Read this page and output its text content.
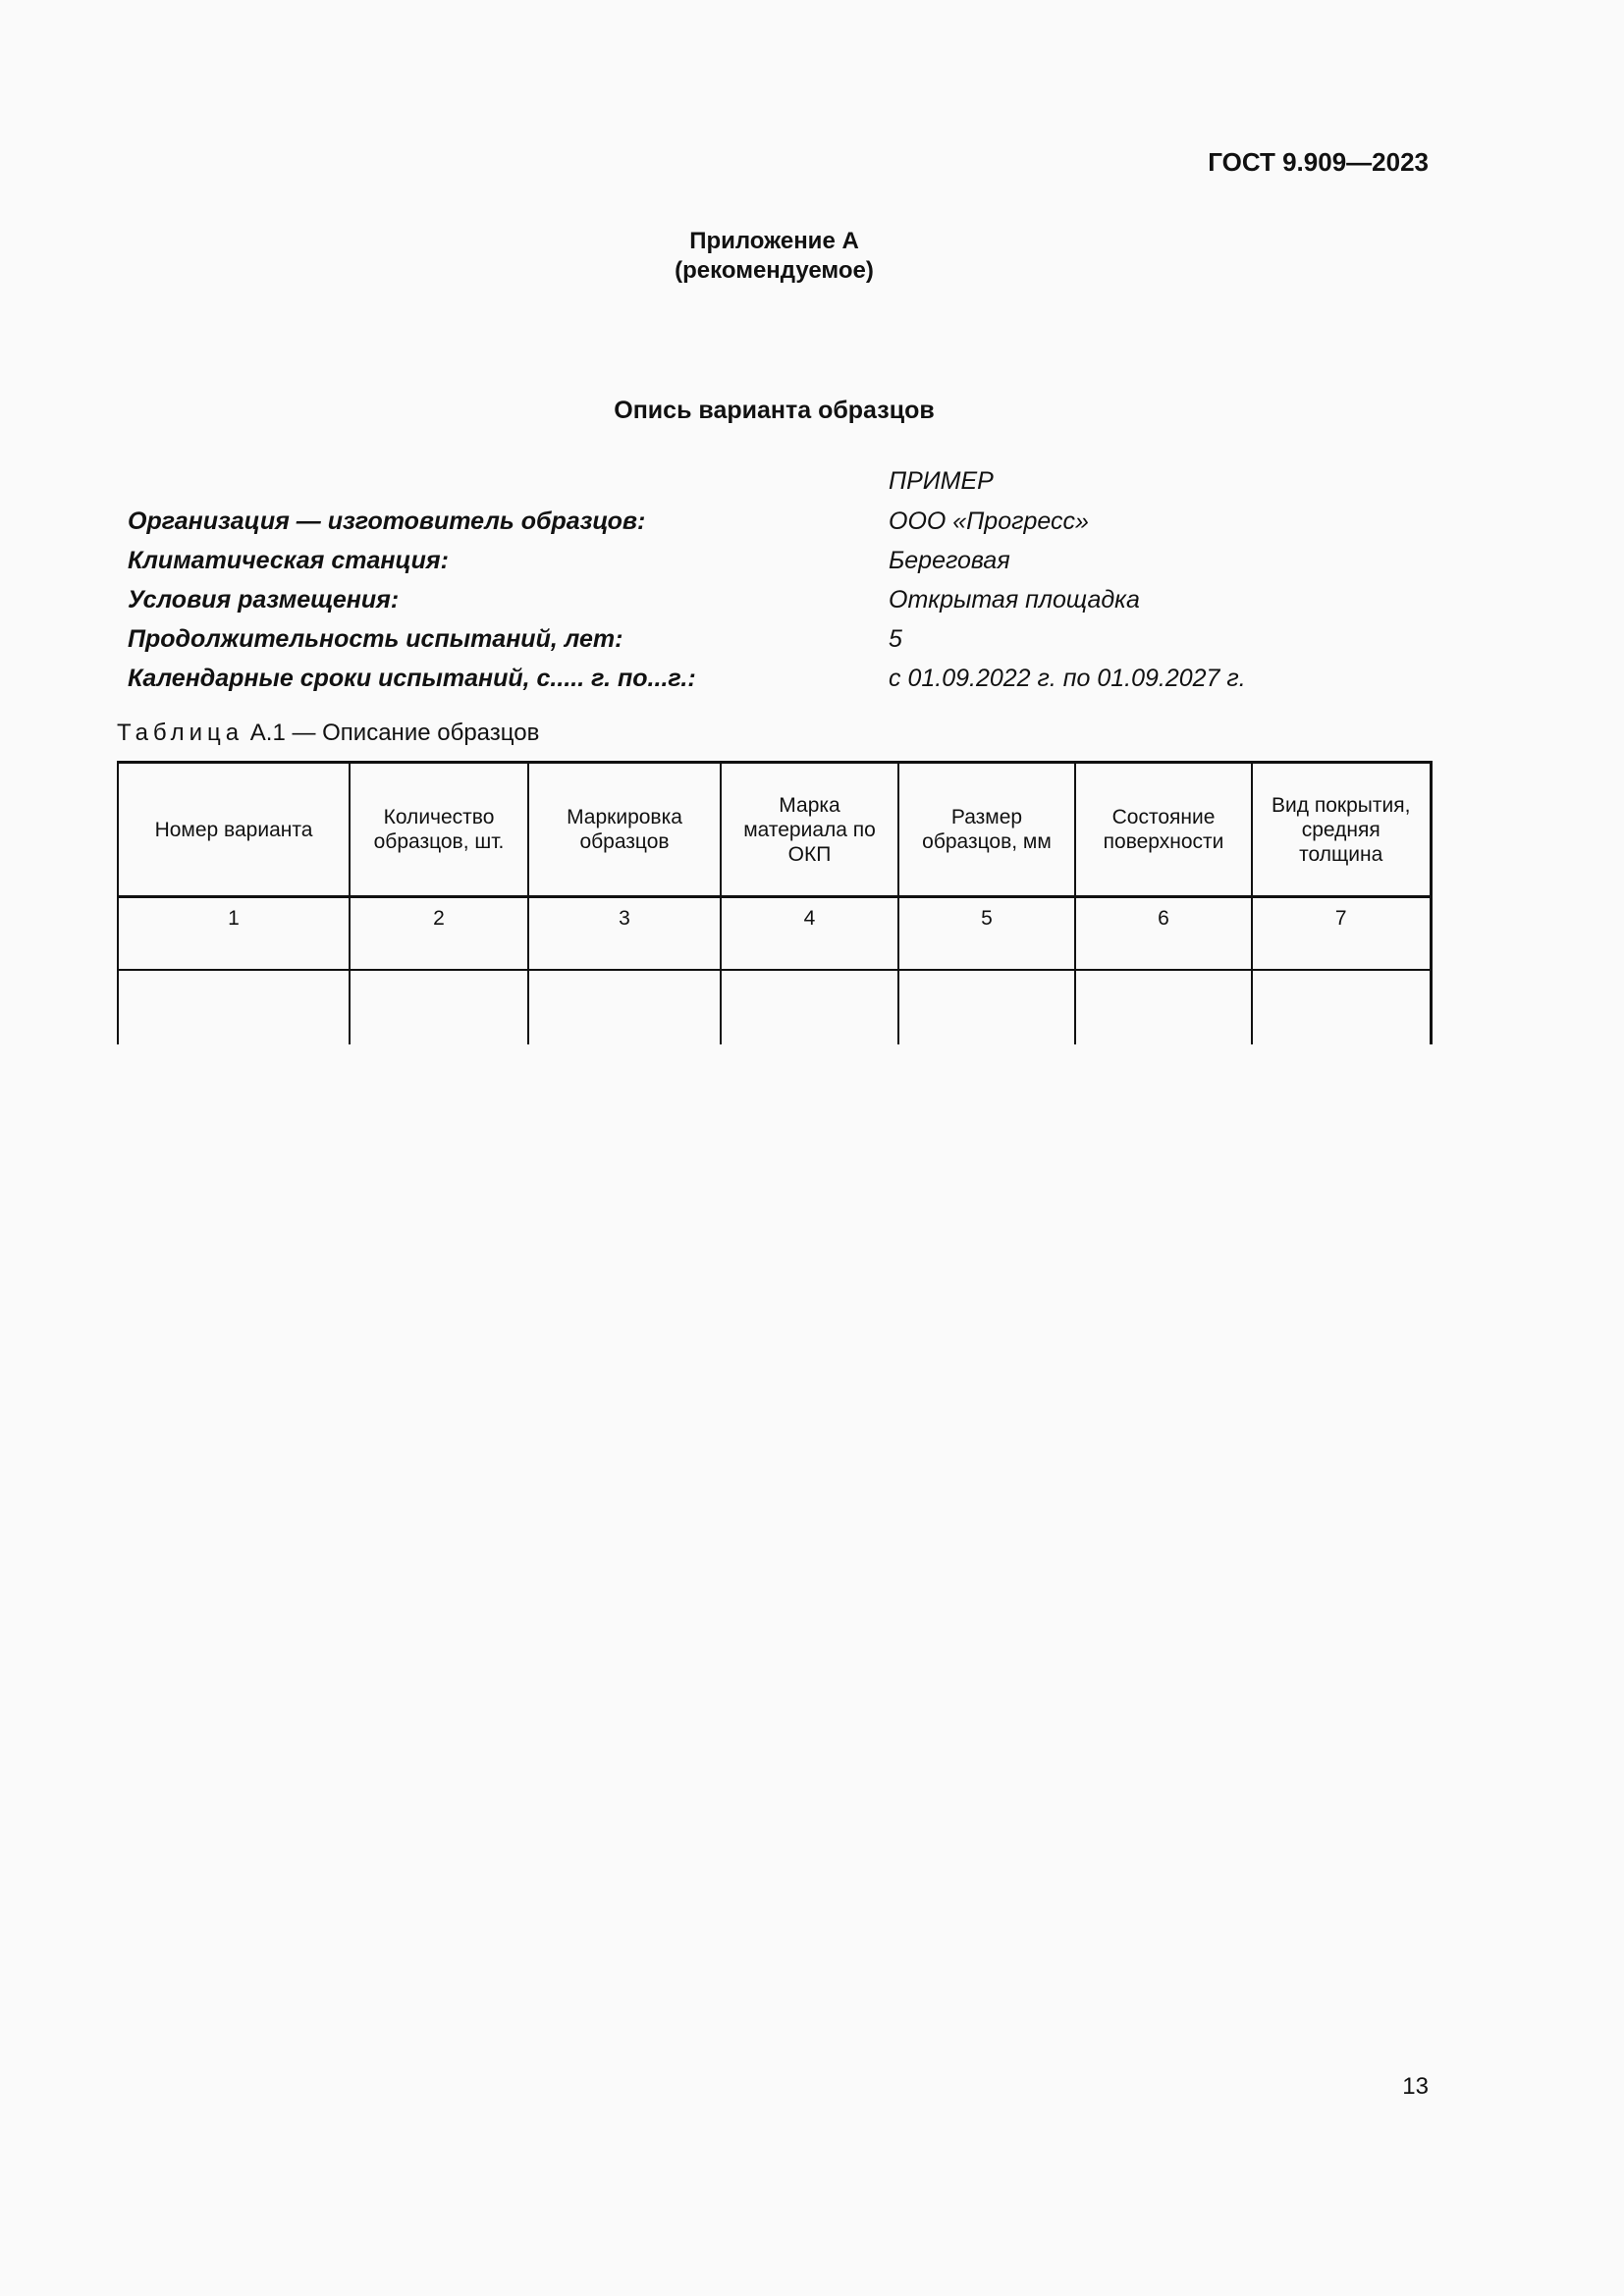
ГОСТ 9.909—2023
Приложение А
(рекомендуемое)
Опись варианта образцов
ПРИМЕР
Организация — изготовитель образцов:	ООО «Прогресс»
Климатическая станция:	Береговая
Условия размещения:	Открытая площадка
Продолжительность испытаний, лет:	5
Календарные сроки испытаний, с..... г. по...г.:	с 01.09.2022 г. по 01.09.2027 г.
Таблица А.1 — Описание образцов
Номер варианта	Количество образцов, шт.	Маркировка образцов	Марка материала по ОКП	Размер образцов, мм	Состояние поверхности	Вид покрытия, средняя толщина
1	2	3	4	5	6	7

13
